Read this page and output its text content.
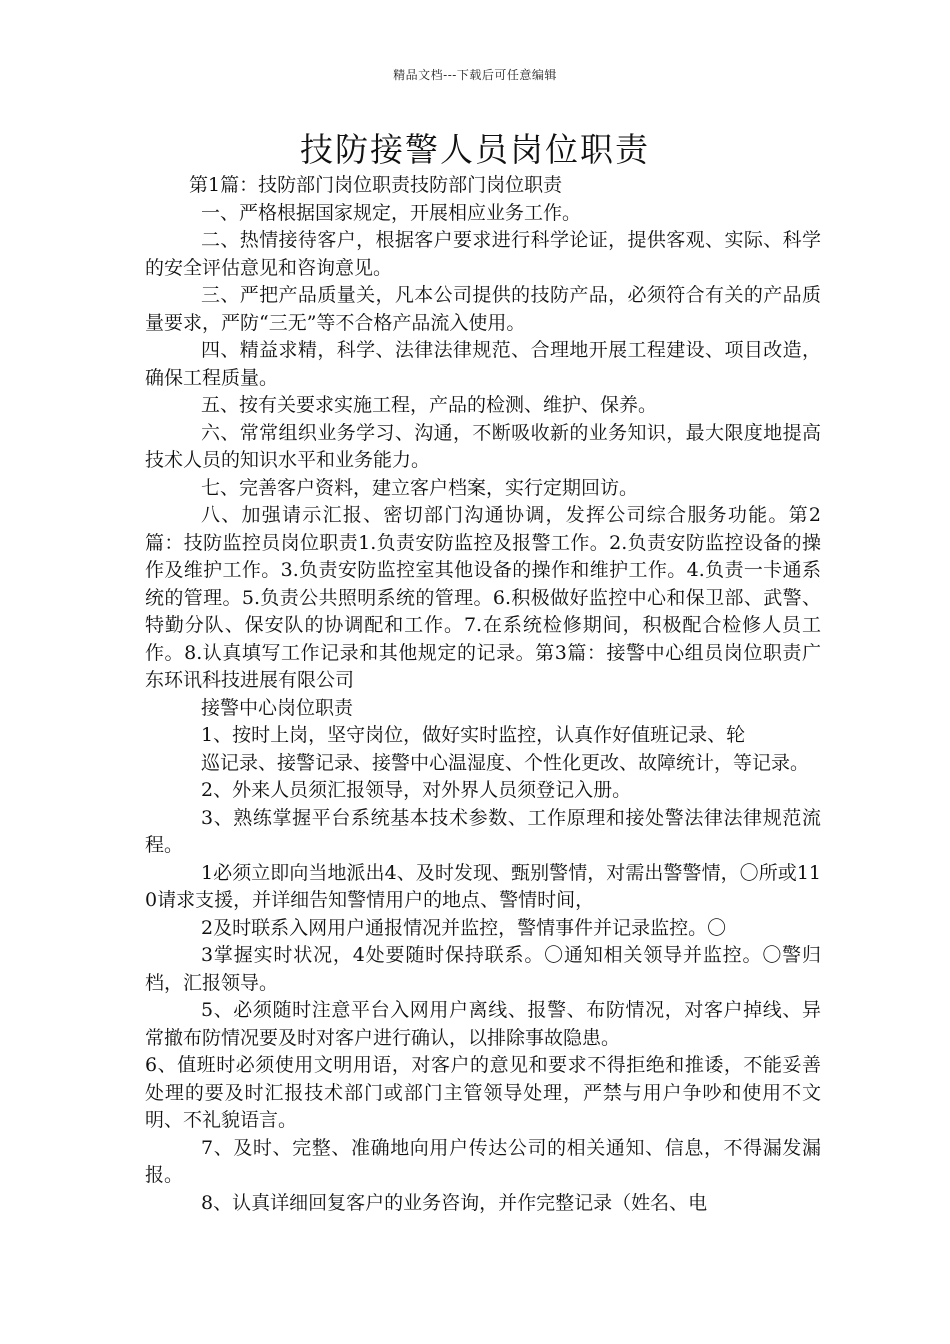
精品文档---下载后可任意编辑
技防接警人员岗位职责

第1篇：技防部门岗位职责技防部门岗位职责

一、严格根据国家规定，开展相应业务工作。

二、热情接待客户，根据客户要求进行科学论证，提供客观、实际、科学的安全评估意见和咨询意见。

三、严把产品质量关，凡本公司提供的技防产品，必须符合有关的产品质量要求，严防“三无”等不合格产品流入使用。

四、精益求精，科学、法律法律规范、合理地开展工程建设、项目改造，确保工程质量。

五、按有关要求实施工程，产品的检测、维护、保养。

六、常常组织业务学习、沟通，不断吸收新的业务知识，最大限度地提高技术人员的知识水平和业务能力。

七、完善客户资料，建立客户档案，实行定期回访。

八、加强请示汇报、密切部门沟通协调，发挥公司综合服务功能。第2篇：技防监控员岗位职责1.负责安防监控及报警工作。2.负责安防监控设备的操作及维护工作。3.负责安防监控室其他设备的操作和维护工作。4.负责一卡通系统的管理。5.负责公共照明系统的管理。6.积极做好监控中心和保卫部、武警、特勤分队、保安队的协调配和工作。7.在系统检修期间，积极配合检修人员工作。8.认真填写工作记录和其他规定的记录。第3篇：接警中心组员岗位职责广东环讯科技进展有限公司

接警中心岗位职责

1、按时上岗，坚守岗位，做好实时监控，认真作好值班记录、轮

巡记录、接警记录、接警中心温湿度、个性化更改、故障统计，等记录。

2、外来人员须汇报领导，对外界人员须登记入册。

3、熟练掌握平台系统基本技术参数、工作原理和接处警法律法律规范流程。

1必须立即向当地派出4、及时发现、甄别警情，对需出警警情，〇所或110请求支援，并详细告知警情用户的地点、警情时间，

2及时联系入网用户通报情况并监控，警情事件并记录监控。〇

3掌握实时状况，4处要随时保持联系。〇通知相关领导并监控。〇警归档，汇报领导。

5、必须随时注意平台入网用户离线、报警、布防情况，对客户掉线、异常撤布防情况要及时对客户进行确认，以排除事故隐患。

6、值班时必须使用文明用语，对客户的意见和要求不得拒绝和推诿，不能妥善处理的要及时汇报技术部门或部门主管领导处理，严禁与用户争吵和使用不文明、不礼貌语言。

7、及时、完整、准确地向用户传达公司的相关通知、信息，不得漏发漏报。

8、认真详细回复客户的业务咨询，并作完整记录（姓名、电
